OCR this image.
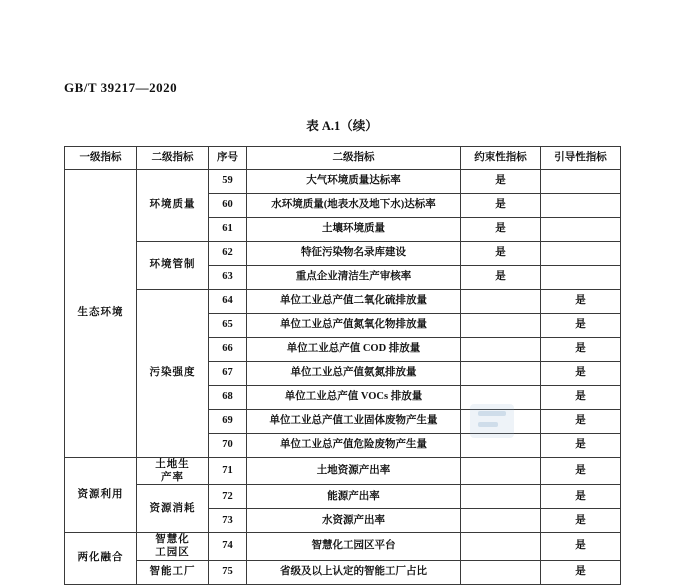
GB/T 39217—2020
表 A.1（续）
一级指标	二级指标	序号	二级指标	约束性指标	引导性指标
生态环境	环境质量	59	大气环境质量达标率	是	
		60	水环境质量(地表水及地下水)达标率	是	
		61	土壤环境质量	是	
	环境管制	62	特征污染物名录库建设	是	
		63	重点企业清洁生产审核率	是	
	污染强度	64	单位工业总产值二氧化硫排放量		是
		65	单位工业总产值氮氧化物排放量		是
		66	单位工业总产值 COD 排放量		是
		67	单位工业总产值氨氮排放量		是
		68	单位工业总产值 VOCs 排放量		是
		69	单位工业总产值工业固体废物产生量		是
		70	单位工业总产值危险废物产生量		是
资源利用	土地生产率	71	土地资源产出率		是
	资源消耗	72	能源产出率		是
		73	水资源产出率		是
两化融合	智慧化工园区	74	智慧化工园区平台		是
	智能工厂	75	省级及以上认定的智能工厂占比		是
